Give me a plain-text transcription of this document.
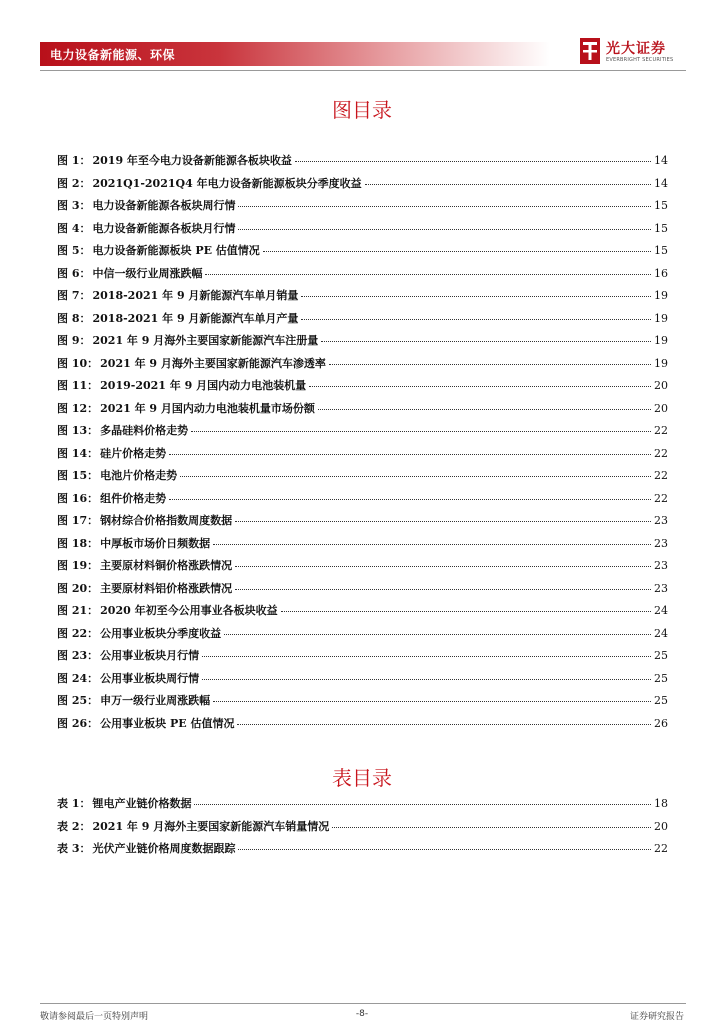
电力设备新能源、环保	光大证券
EVERBRIGHT SECURITIES
图目录
图 1： 2019 年至今电力设备新能源各板块收益	14
图 2： 2021Q1-2021Q4 年电力设备新能源板块分季度收益	14
图 3： 电力设备新能源各板块周行情	15
图 4： 电力设备新能源各板块月行情	15
图 5： 电力设备新能源板块 PE 估值情况	15
图 6： 中信一级行业周涨跌幅	16
图 7： 2018-2021 年 9 月新能源汽车单月销量	19
图 8： 2018-2021 年 9 月新能源汽车单月产量	19
图 9： 2021 年 9 月海外主要国家新能源汽车注册量	19
图 10： 2021 年 9 月海外主要国家新能源汽车渗透率	19
图 11： 2019-2021 年 9 月国内动力电池装机量	20
图 12： 2021 年 9 月国内动力电池装机量市场份额	20
图 13： 多晶硅料价格走势	22
图 14： 硅片价格走势	22
图 15： 电池片价格走势	22
图 16： 组件价格走势	22
图 17： 钢材综合价格指数周度数据	23
图 18： 中厚板市场价日频数据	23
图 19： 主要原材料铜价格涨跌情况	23
图 20： 主要原材料铝价格涨跌情况	23
图 21： 2020 年初至今公用事业各板块收益	24
图 22： 公用事业板块分季度收益	24
图 23： 公用事业板块月行情	25
图 24： 公用事业板块周行情	25
图 25： 申万一级行业周涨跌幅	25
图 26： 公用事业板块 PE 估值情况	26
表目录
表 1： 锂电产业链价格数据	18
表 2： 2021 年 9 月海外主要国家新能源汽车销量情况	20
表 3： 光伏产业链价格周度数据跟踪	22
敬请参阅最后一页特别声明	-8-	证券研究报告
